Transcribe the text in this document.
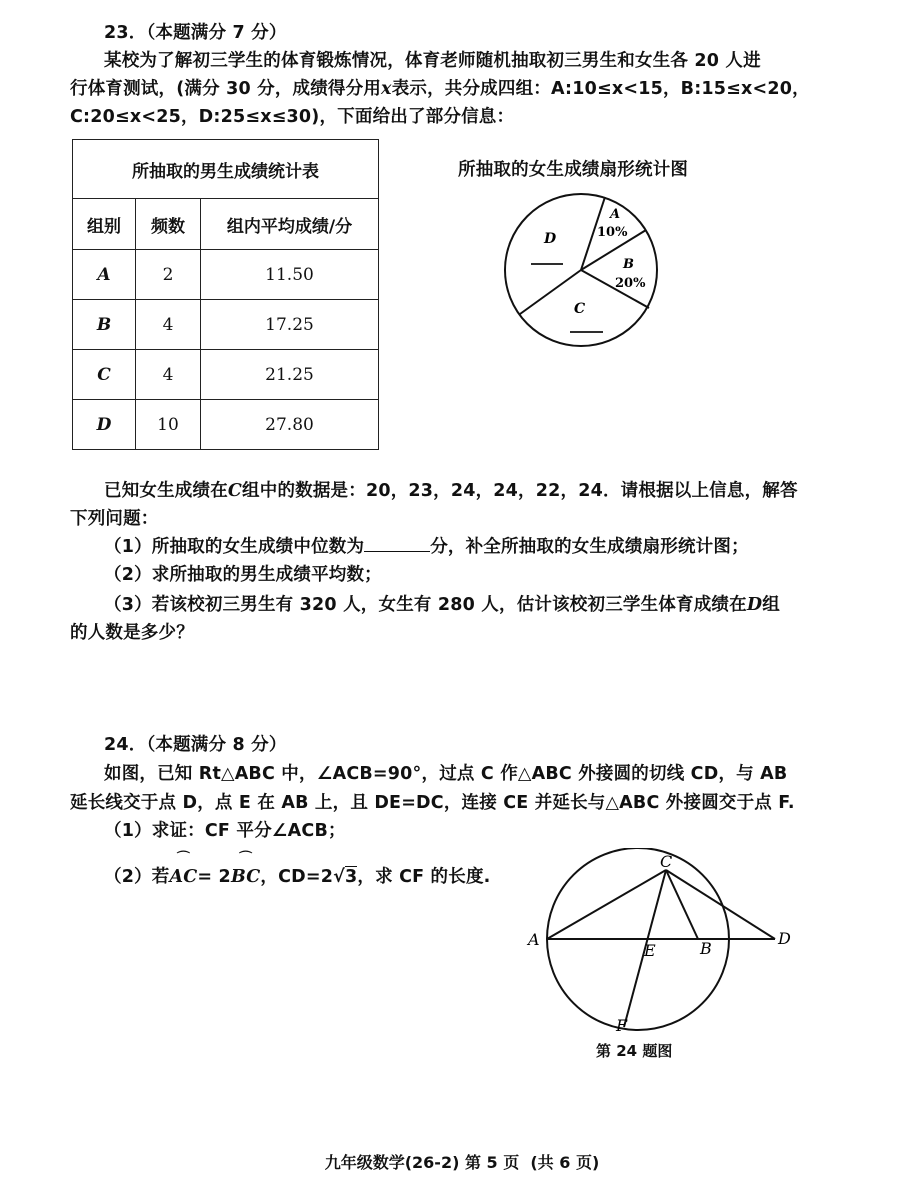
23．（本题满分 7 分）
某校为了解初三学生的体育锻炼情况，体育老师随机抽取初三男生和女生各 20 人进
行体育测试，(满分 30 分，成绩得分用x表示，共分成四组：A:10≤x<15，B:15≤x<20，
C:20≤x<25，D:25≤x≤30)，下面给出了部分信息：
所抽取的男生成绩统计表		
组别	频数	组内平均成绩/分
A	2	11.50
B	4	17.25
C	4	21.25
D	10	27.80
所抽取的女生成绩扇形统计图
A
10%
B
20%
C
D
已知女生成绩在C组中的数据是：20，23，24，24，22，24．请根据以上信息，解答
下列问题：
（1）所抽取的女生成绩中位数为	分，补全所抽取的女生成绩扇形统计图；
（2）求所抽取的男生成绩平均数；
（3）若该校初三男生有 320 人，女生有 280 人，估计该校初三学生体育成绩在D组
的人数是多少？
24．（本题满分 8 分）
如图，已知 Rt△ABC 中，∠ACB=90°，过点 C 作△ABC 外接圆的切线 CD，与 AB
延长线交于点 D，点 E 在 AB 上，且 DE=DC，连接 CE 并延长与△ABC 外接圆交于点 F.
（1）求证：CF 平分∠ACB；
（2）若
⌒
AC= 2
⌒
BC，CD=2√3，求 CF 的长度.
C
A
E	B
D
F
第 24 题图
九年级数学(26-2) 第 5 页  (共 6 页)
